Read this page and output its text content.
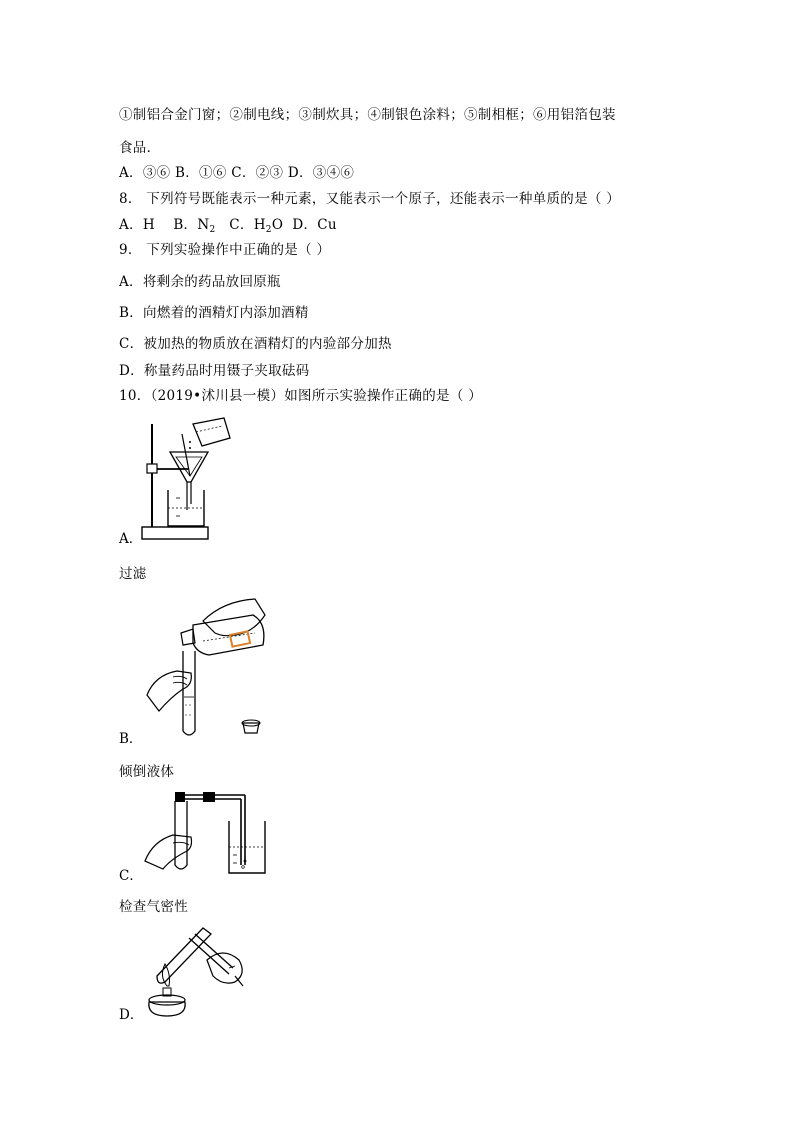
①制铝合金门窗；②制电线；③制炊具；④制银色涂料；⑤制相框；⑥用铝箔包装
食品．
A．③⑥ B．①⑥ C．②③ D．③④⑥
8． 下列符号既能表示一种元素，又能表示一个原子，还能表示一种单质的是（ ）
A．H B．$N_2$ C．$H_2O$ D．Cu
9． 下列实验操作中正确的是（ ）
A．将剩余的药品放回原瓶
B．向燃着的酒精灯内添加酒精
C．被加热的物质放在酒精灯的内验部分加热
D．称量药品时用镊子夹取砝码
10．（2019•沭川县一模）如图所示实验操作正确的是（ ）
A．
过滤
B．
倾倒液体
C．
检查气密性
D．
